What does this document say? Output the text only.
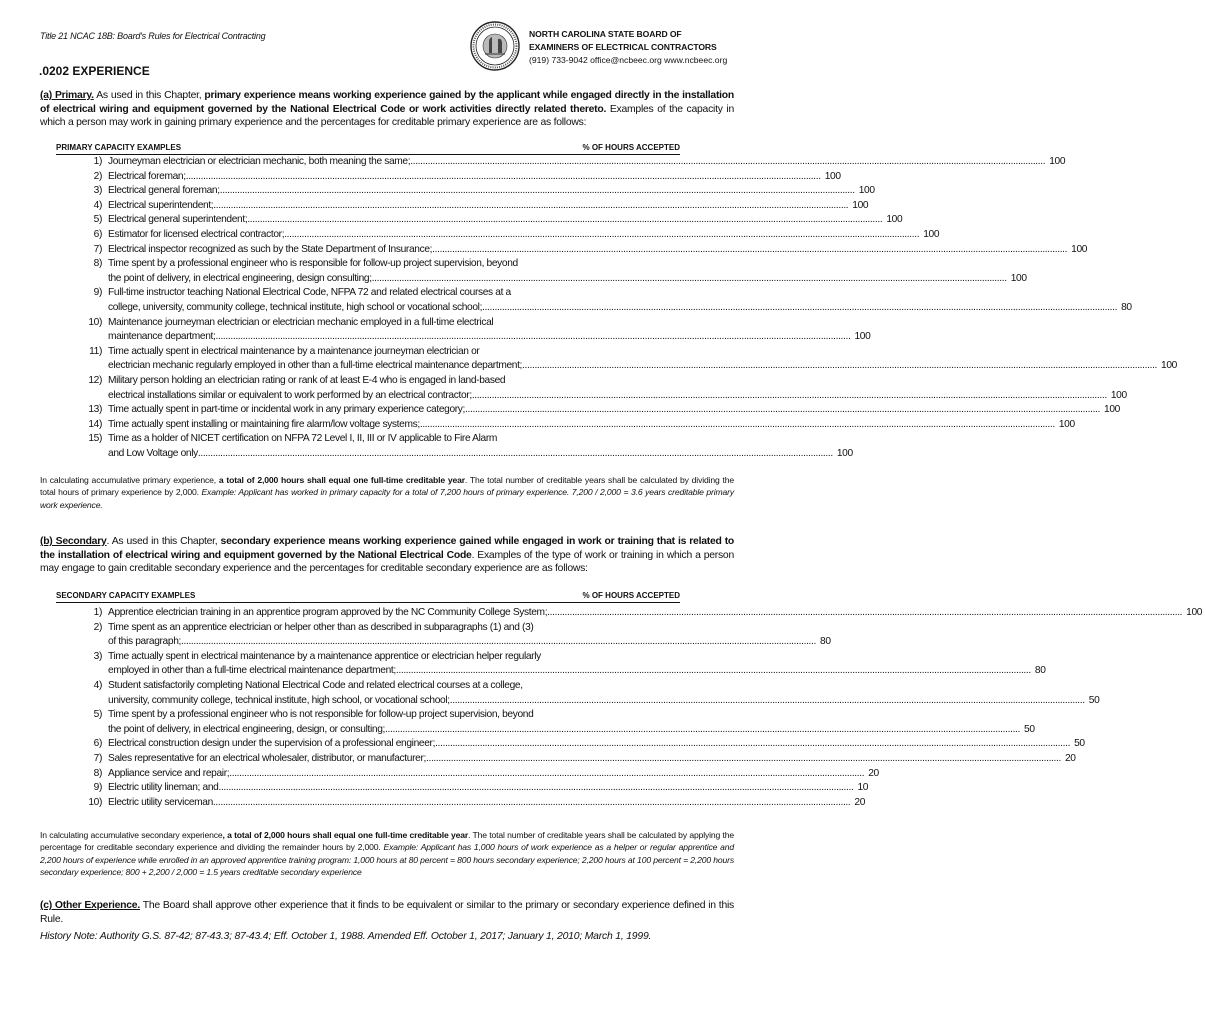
Title 21 NCAC 18B: Board's Rules for Electrical Contracting	NORTH CAROLINA STATE BOARD OF
EXAMINERS OF ELECTRICAL CONTRACTORS
(919) 733-9042 office@ncbeec.org www.ncbeec.org
.0202 EXPERIENCE
(a) Primary. As used in this Chapter, primary experience means working experience gained by the applicant while engaged directly in the installation of electrical wiring and equipment governed by the National Electrical Code or work activities directly related thereto. Examples of the capacity in which a person may work in gaining primary experience and the percentages for creditable primary experience are as follows:
PRIMARY CAPACITY EXAMPLES	% OF HOURS ACCEPTED
1) Journeyman electrician or electrician mechanic, both meaning the same; .....	100
2) Electrical foreman; .....	100
3) Electrical general foreman; .....	100
4) Electrical superintendent; .....	100
5) Electrical general superintendent; .....	100
6) Estimator for licensed electrical contractor; .....	100
7) Electrical inspector recognized as such by the State Department of Insurance; .....	100
8) Time spent by a professional engineer who is responsible for follow-up project supervision, beyond
the point of delivery, in electrical engineering, design consulting; .....	100
9) Full-time instructor teaching National Electrical Code, NFPA 72 and related electrical courses at a
college, university, community college, technical institute, high school or vocational school; .....	80
10) Maintenance journeyman electrician or electrician mechanic employed in a full-time electrical
maintenance department; .....	100
11) Time actually spent in electrical maintenance by a maintenance journeyman electrician or
electrician mechanic regularly employed in other than a full-time electrical maintenance department; .....	100
12) Military person holding an electrician rating or rank of at least E-4 who is engaged in land-based
electrical installations similar or equivalent to work performed by an electrical contractor; .....	100
13) Time actually spent in part-time or incidental work in any primary experience category; .....	100
14) Time actually spent installing or maintaining fire alarm/low voltage systems; .....	100
15) Time as a holder of NICET certification on NFPA 72 Level I, II, III or IV applicable to Fire Alarm
and Low Voltage only .....	100
In calculating accumulative primary experience, a total of 2,000 hours shall equal one full-time creditable year. The total number of creditable years shall be calculated by dividing the total hours of primary experience by 2,000. Example: Applicant has worked in primary capacity for a total of 7,200 hours of primary experience. 7,200 / 2,000 = 3.6 years creditable primary work experience.
(b) Secondary. As used in this Chapter, secondary experience means working experience gained while engaged in work or training that is related to the installation of electrical wiring and equipment governed by the National Electrical Code. Examples of the type of work or training in which a person may engage to gain creditable secondary experience and the percentages for creditable secondary experience are as follows:
SECONDARY CAPACITY EXAMPLES	% OF HOURS ACCEPTED
1) Apprentice electrician training in an apprentice program approved by the NC Community College System; .....	100
2) Time spent as an apprentice electrician or helper other than as described in subparagraphs (1) and (3)
of this paragraph; .....	80
3) Time actually spent in electrical maintenance by a maintenance apprentice or electrician helper regularly
employed in other than a full-time electrical maintenance department; .....	80
4) Student satisfactorily completing National Electrical Code and related electrical courses at a college,
university, community college, technical institute, high school, or vocational school; .....	50
5) Time spent by a professional engineer who is not responsible for follow-up project supervision, beyond
the point of delivery, in electrical engineering, design, or consulting; .....	50
6) Electrical construction design under the supervision of a professional engineer; .....	50
7) Sales representative for an electrical wholesaler, distributor, or manufacturer; .....	20
8) Appliance service and repair; .....	20
9) Electric utility lineman; and .....	10
10) Electric utility serviceman. .....	20
In calculating accumulative secondary experience, a total of 2,000 hours shall equal one full-time creditable year. The total number of creditable years shall be calculated by applying the percentage for creditable secondary experience and dividing the remainder hours by 2,000. Example: Applicant has 1,000 hours of work experience as a helper or regular apprentice and 2,200 hours of experience while enrolled in an approved apprentice training program: 1,000 hours at 80 percent = 800 hours secondary experience; 2,200 hours at 100 percent = 2,200 hours secondary experience; 800 + 2,200 / 2,000 = 1.5 years creditable secondary experience
(c) Other Experience. The Board shall approve other experience that it finds to be equivalent or similar to the primary or secondary experience defined in this Rule.
History Note: Authority G.S. 87-42; 87-43.3; 87-43.4; Eff. October 1, 1988. Amended Eff. October 1, 2017; January 1, 2010; March 1, 1999.
